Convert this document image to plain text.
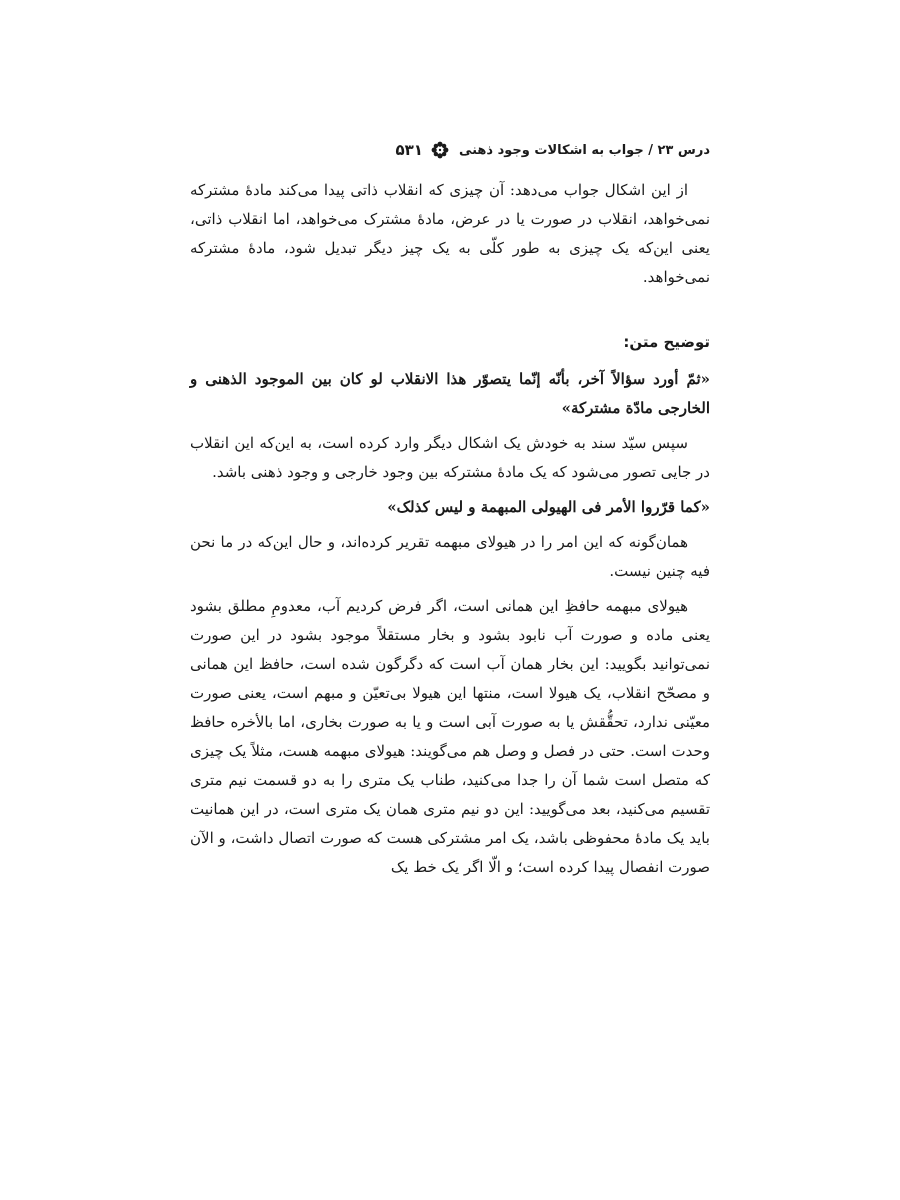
درس ۲۳ / جواب به اشکالات وجود ذهنی
۵۳۱

از این اشکال جواب می‌دهد: آن چیزی که انقلاب ذاتی پیدا می‌کند مادهٔ مشترکه نمی‌خواهد، انقلاب در صورت یا در عرض، مادهٔ مشترک می‌خواهد، اما انقلاب ذاتی، یعنی این‌که یک چیزی به طور کلّی به یک چیز دیگر تبدیل شود، مادهٔ مشترکه نمی‌خواهد.

توضیح متن:

«ثمّ أورد سؤالاً آخر، بأنّه إنّما یتصوّر هذا الانقلاب لو کان بین الموجود الذهنی و الخارجی مادّة مشترکة»

سپس سیّد سند به خودش یک اشکال دیگر وارد کرده است، به این‌که این انقلاب در جایی تصور می‌شود که یک مادهٔ مشترکه بین وجود خارجی و وجود ذهنی باشد.

«کما قرّروا الأمر فی الهیولی المبهمة و لیس کذلک»

همان‌گونه که این امر را در هیولای مبهمه تقریر کرده‌اند، و حال این‌که در ما نحن فیه چنین نیست.

هیولای مبهمه حافظِ این همانی است، اگر فرض کردیم آب، معدومِ مطلق بشود یعنی ماده و صورت آب نابود بشود و بخار مستقلاً موجود بشود در این صورت نمی‌توانید بگویید: این بخار همان آب است که دگرگون شده است، حافظ این همانی و مصحّح انقلاب، یک هیولا است، منتها این هیولا بی‌تعیّن و مبهم است، یعنی صورت معیّنی ندارد، تحقُّقش یا به صورت آبی است و یا به صورت بخاری، اما بالأخره حافظ وحدت است. حتی در فصل و وصل هم می‌گویند: هیولای مبهمه هست، مثلاً یک چیزی که متصل است شما آن را جدا می‌کنید، طناب یک متری را به دو قسمت نیم متری تقسیم می‌کنید، بعد می‌گویید: این دو نیم متری همان یک متری است، در این همانیت باید یک مادهٔ محفوظی باشد، یک امر مشترکی هست که صورت اتصال داشت، و الآن صورت انفصال پیدا کرده است؛ و الّا اگر یک خط یک
